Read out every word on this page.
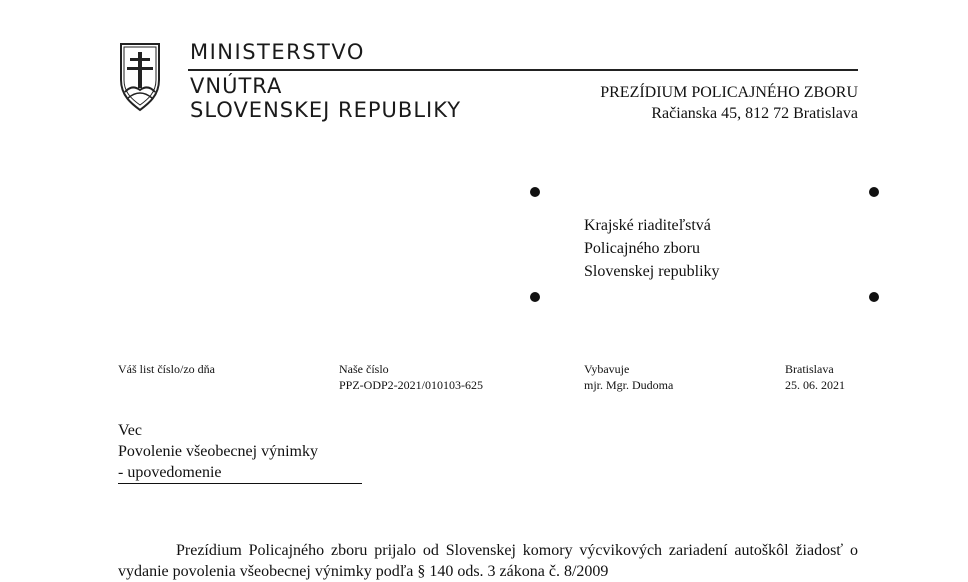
MINISTERSTVO
VNÚTRA
SLOVENSKEJ REPUBLIKY
PREZÍDIUM POLICAJNÉHO ZBORU
Račianska 45, 812 72 Bratislava
Krajské riaditeľstvá
Policajného zboru
Slovenskej republiky
Váš list číslo/zo dňa	Naše číslo
PPZ-ODP2-2021/010103-625
Vybavuje
mjr. Mgr. Dudoma
Bratislava
25. 06. 2021
Vec
Povolenie všeobecnej výnimky
- upovedomenie

Prezídium Policajného zboru prijalo od Slovenskej komory výcvikových zariadení autoškôl žiadosť o vydanie povolenia všeobecnej výnimky podľa § 140 ods. 3 zákona č. 8/2009
